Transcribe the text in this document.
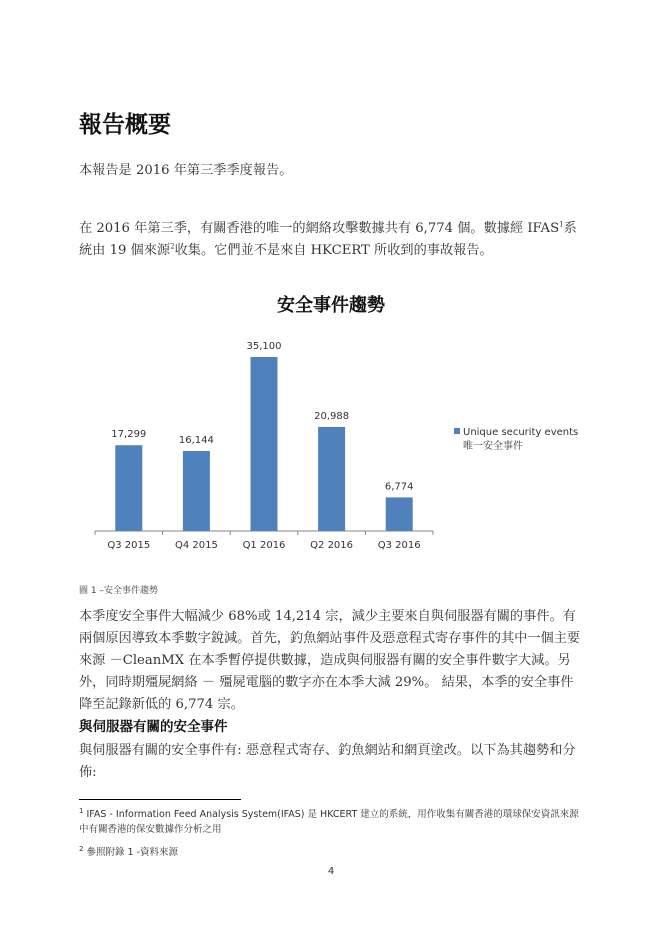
報告概要
本報告是 2016 年第三季季度報告。
在 2016 年第三季，有關香港的唯一的網絡攻擊數據共有 6,774 個。數據經 IFAS$^1$系統由 19 個來源$^2$收集。它們並不是來自 HKCERT 所收到的事故報告。
安全事件趨勢
17,299
Q3 2015
16,144
Q4 2015
35,100
Q1 2016
20,988
Q2 2016
6,774
Q3 2016
Unique security events
唯一安全事件
圖 1 –安全事件趨勢
本季度安全事件大幅減少 68%或 14,214 宗，減少主要來自與伺服器有關的事件。有兩個原因導致本季數字銳減。首先，釣魚網站事件及惡意程式寄存事件的其中一個主要來源 －CleanMX 在本季暫停提供數據，造成與伺服器有關的安全事件數字大減。另外，同時期殭屍網絡 － 殭屍電腦的數字亦在本季大減 29%。 結果，本季的安全事件降至記錄新低的 6,774 宗。
與伺服器有關的安全事件
與伺服器有關的安全事件有: 惡意程式寄存、釣魚網站和網頁塗改。以下為其趨勢和分佈:
$^1$ IFAS - Information Feed Analysis System(IFAS) 是 HKCERT 建立的系統，用作收集有關香港的環球保安資訊來源中有關香港的保安數據作分析之用
$^2$ 參照附錄 1 -資料來源
4
